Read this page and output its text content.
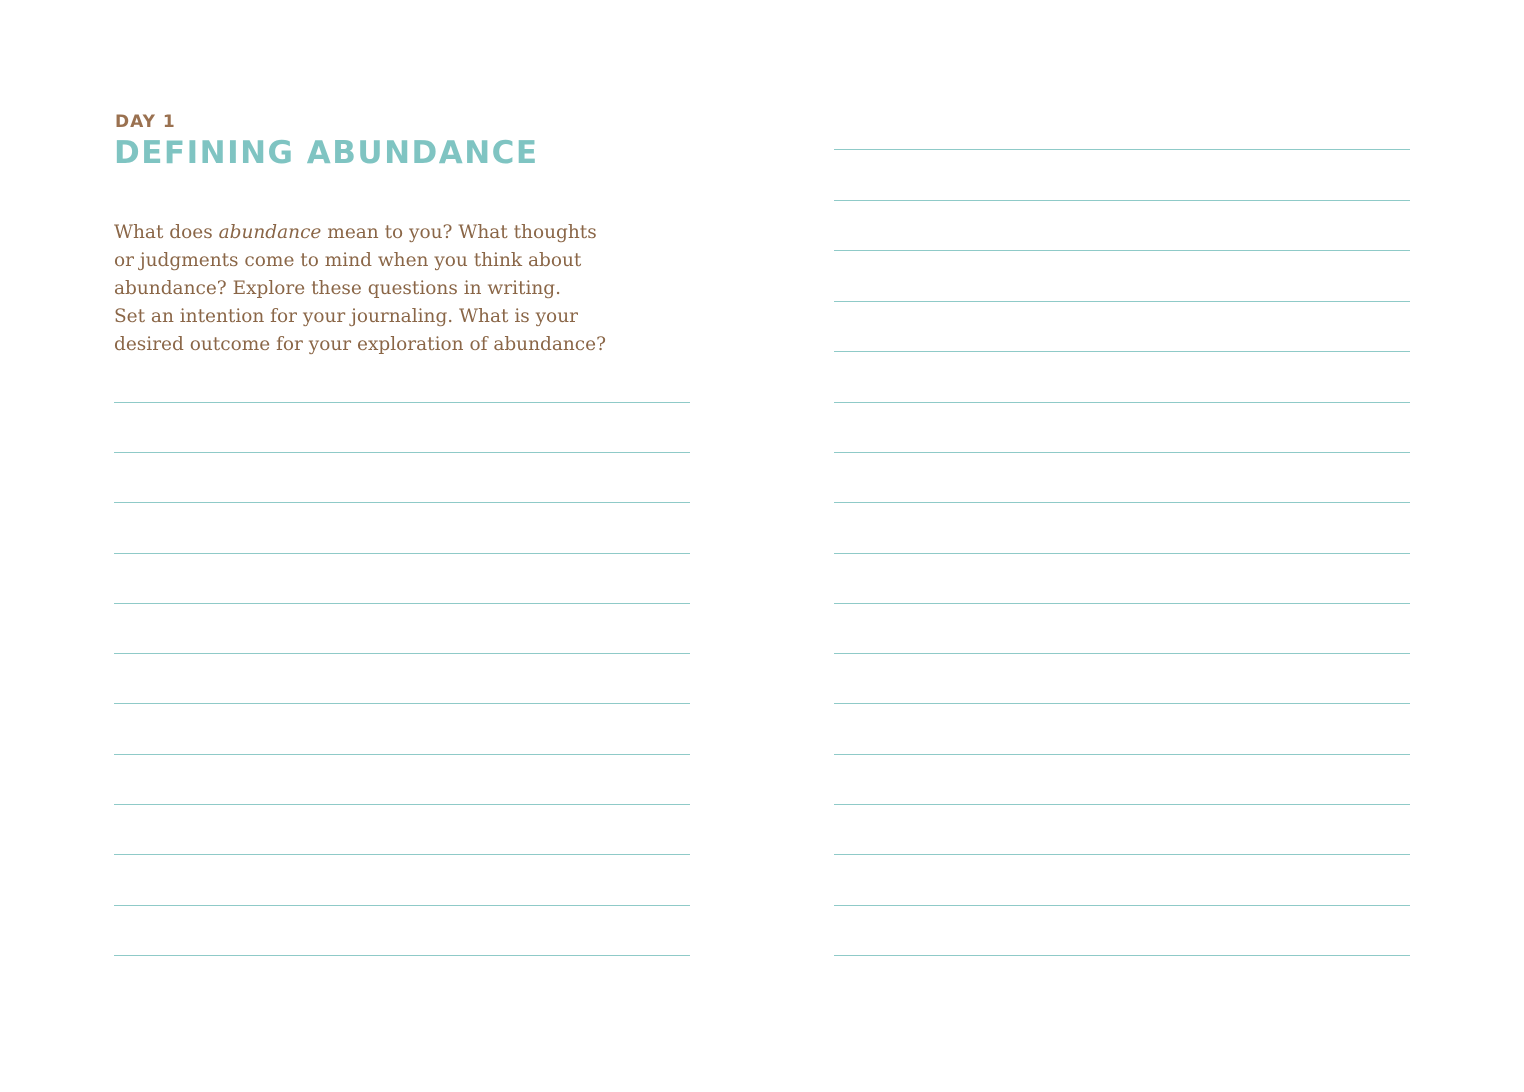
DAY 1
DEFINING ABUNDANCE

What does abundance mean to you? What thoughts
or judgments come to mind when you think about
abundance? Explore these questions in writing.
Set an intention for your journaling. What is your
desired outcome for your exploration of abundance?
